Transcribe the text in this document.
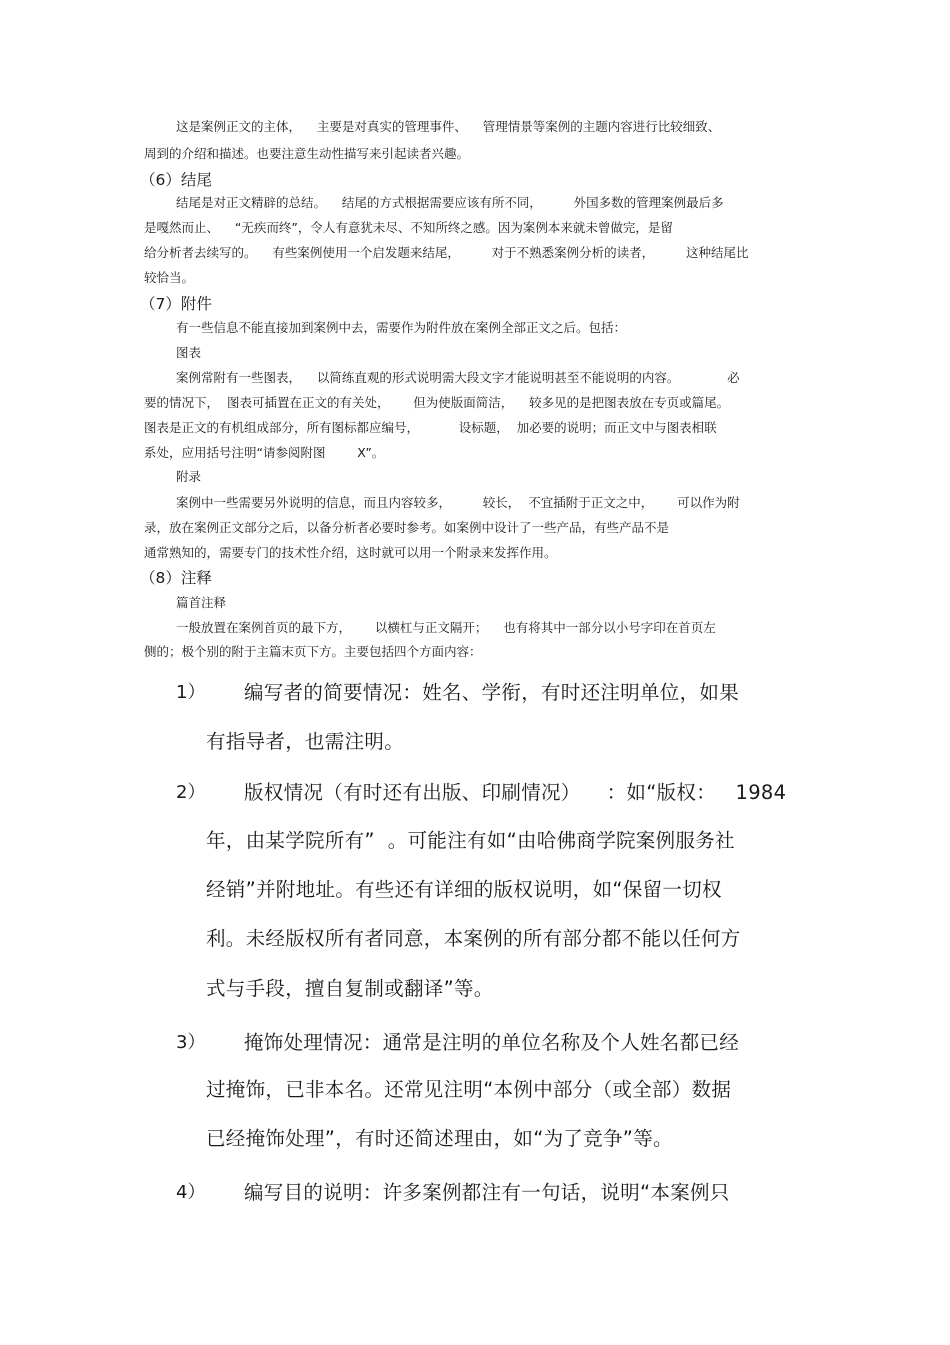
这是案例正文的主体，    主要是对真实的管理事件、    管理情景等案例的主题内容进行比较细致、

周到的介绍和描述。也要注意生动性描写来引起读者兴趣。

（6）结尾

结尾是对正文精辟的总结。    结尾的方式根据需要应该有所不同，        外国多数的管理案例最后多

是嘎然而止、    “无疾而终”，令人有意犹未尽、不知所终之感。因为案例本来就未曾做完，是留

给分析者去续写的。    有些案例使用一个启发题来结尾，        对于不熟悉案例分析的读者，        这种结尾比

较恰当。

（7）附件

有一些信息不能直接加到案例中去，需要作为附件放在案例全部正文之后。包括：

图表

案例常附有一些图表，    以简练直观的形式说明需大段文字才能说明甚至不能说明的内容。            必

要的情况下，  图表可插置在正文的有关处，      但为使版面简洁，    较多见的是把图表放在专页或篇尾。

图表是正文的有机组成部分，所有图标都应编号，          设标题，  加必要的说明；而正文中与图表相联

系处，应用括号注明“请参阅附图        X”。

附录

案例中一些需要另外说明的信息，而且内容较多，        较长，  不宜插附于正文之中，      可以作为附

录，放在案例正文部分之后，以备分析者必要时参考。如案例中设计了一些产品，有些产品不是

通常熟知的，需要专门的技术性介绍，这时就可以用一个附录来发挥作用。

（8）注释

篇首注释

一般放置在案例首页的最下方，      以横杠与正文隔开；    也有将其中一部分以小号字印在首页左

侧的；极个别的附于主篇末页下方。主要包括四个方面内容：

1） 编写者的简要情况：姓名、学衔，有时还注明单位，如果

有指导者，也需注明。

2） 版权情况（有时还有出版、印刷情况）    ：如“版权：   1984

年，由某学院所有”  。可能注有如“由哈佛商学院案例服务社

经销”并附地址。有些还有详细的版权说明，如“保留一切权

利。未经版权所有者同意，本案例的所有部分都不能以任何方

式与手段，擅自复制或翻译”等。

3） 掩饰处理情况：通常是注明的单位名称及个人姓名都已经

过掩饰，已非本名。还常见注明“本例中部分（或全部）数据

已经掩饰处理”，有时还简述理由，如“为了竞争”等。

4） 编写目的说明：许多案例都注有一句话，说明“本案例只
